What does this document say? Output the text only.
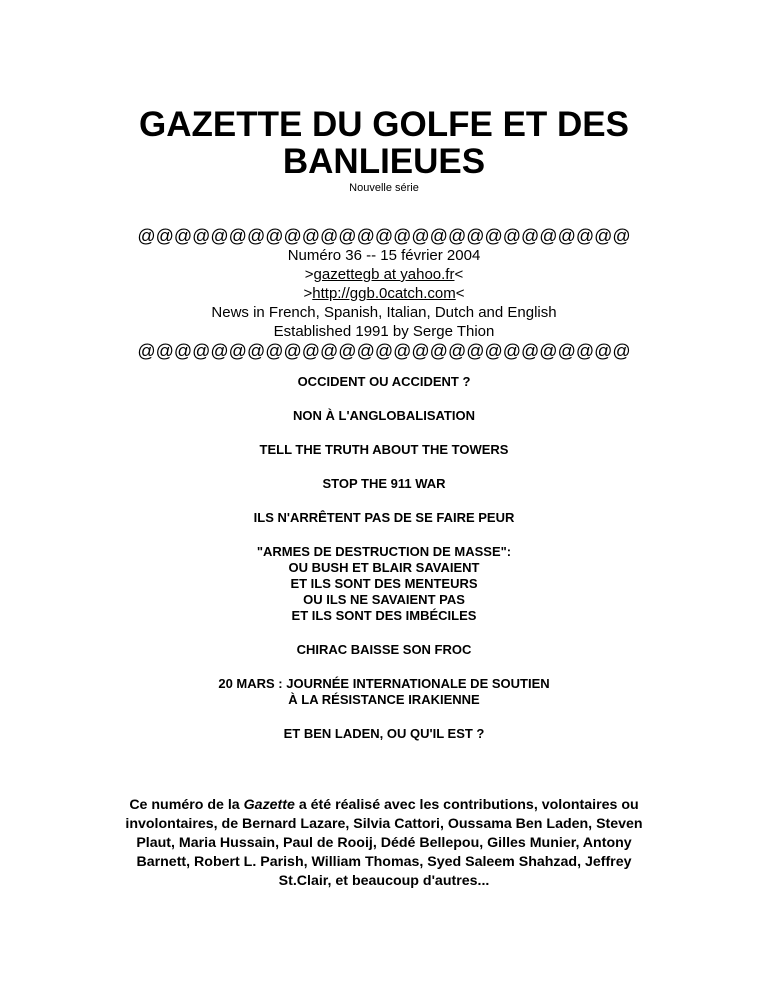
GAZETTE DU GOLFE ET DES
BANLIEUES
Nouvelle série
@@@@@@@@@@@@@@@@@@@@@@@@@@@
Numéro 36 -- 15 février 2004
>gazettegb at yahoo.fr<
>http://ggb.0catch.com<
News in French, Spanish, Italian, Dutch and English
Established 1991 by Serge Thion
@@@@@@@@@@@@@@@@@@@@@@@@@@@
OCCIDENT OU ACCIDENT ?
NON À L'ANGLOBALISATION
TELL THE TRUTH ABOUT THE TOWERS
STOP THE 911 WAR
ILS N'ARRÊTENT PAS DE SE FAIRE PEUR
"ARMES DE DESTRUCTION DE MASSE":
OU BUSH ET BLAIR SAVAIENT
ET ILS SONT DES MENTEURS
OU ILS NE SAVAIENT PAS
ET ILS SONT DES IMBÉCILES
CHIRAC BAISSE SON FROC
20 MARS : JOURNÉE INTERNATIONALE DE SOUTIEN
À LA RÉSISTANCE IRAKIENNE
ET BEN LADEN, OU QU'IL EST ?
Ce numéro de la Gazette a été réalisé avec les contributions, volontaires ou involontaires, de Bernard Lazare, Silvia Cattori, Oussama Ben Laden, Steven Plaut, Maria Hussain, Paul de Rooij, Dédé Bellepou, Gilles Munier, Antony Barnett, Robert L. Parish, William Thomas, Syed Saleem Shahzad, Jeffrey St.Clair, et beaucoup d'autres...
